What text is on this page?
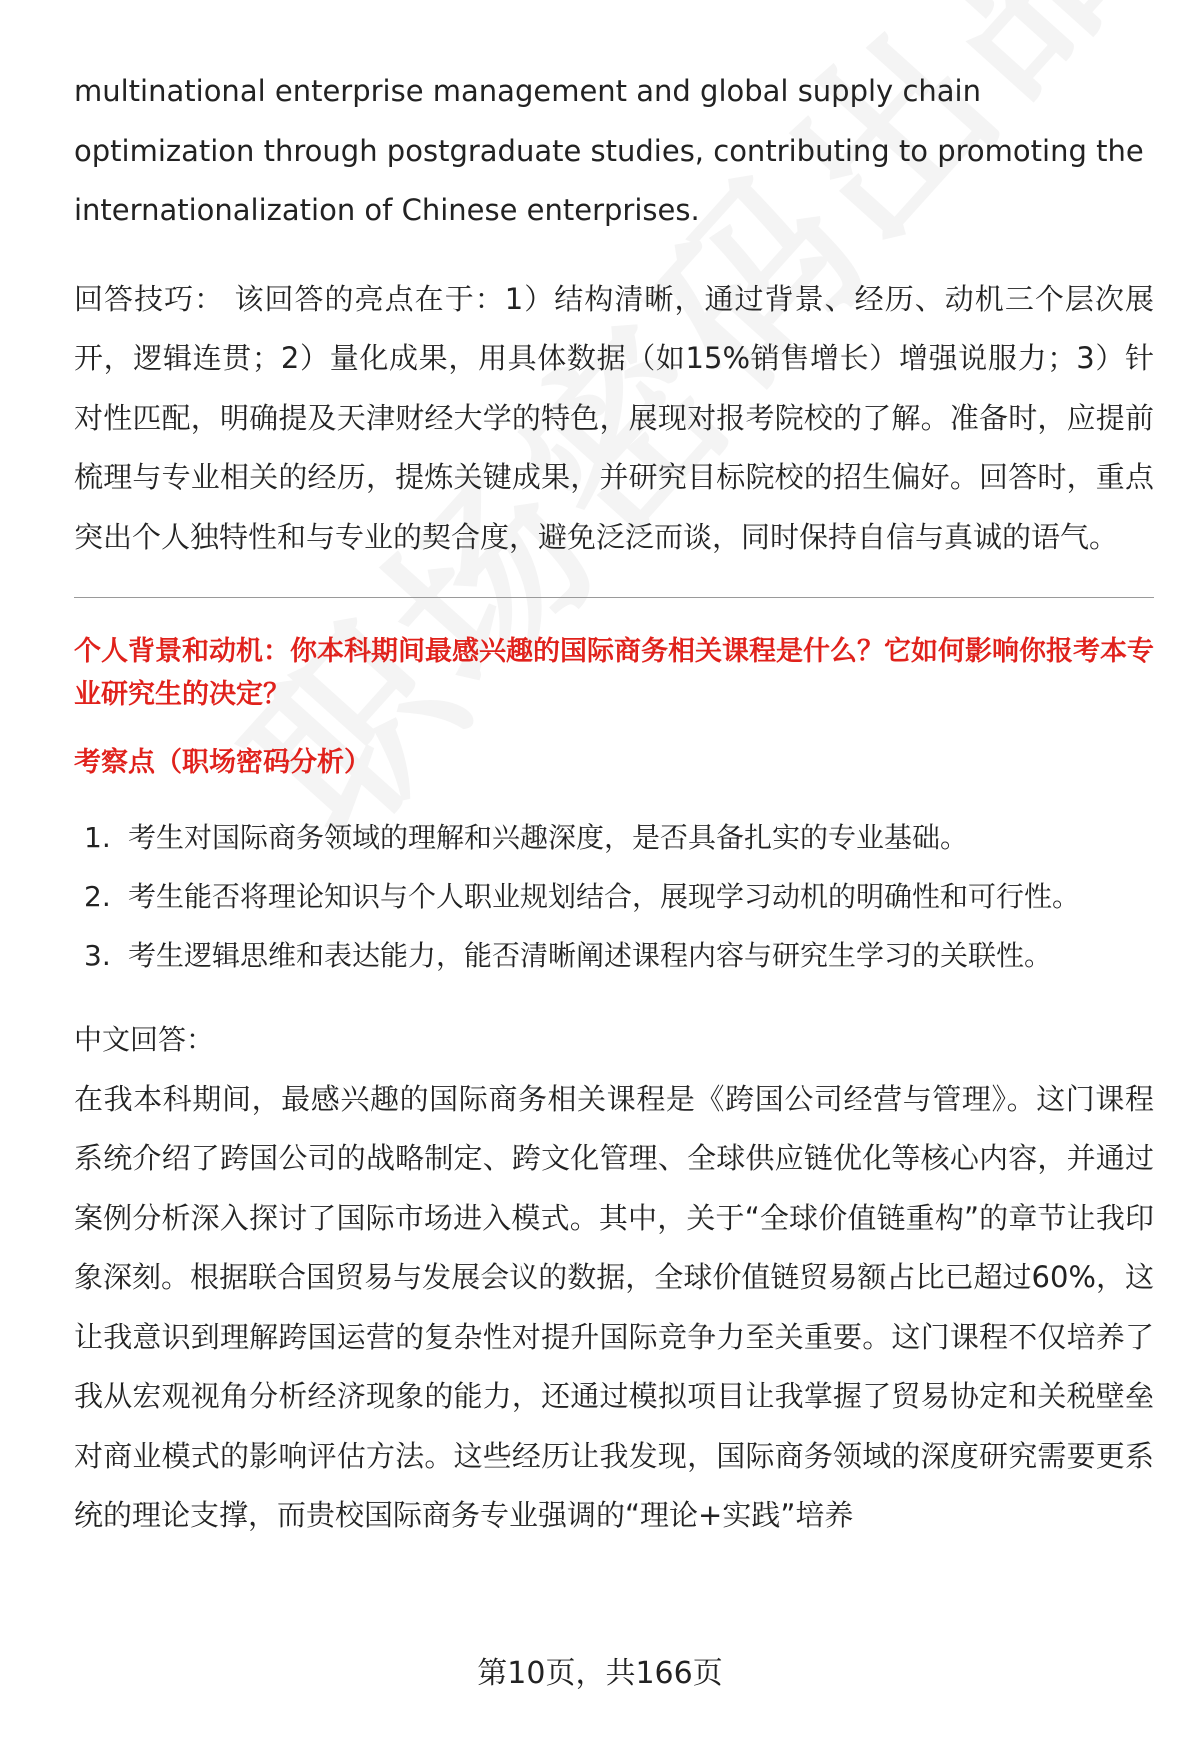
multinational enterprise management and global supply chain optimization through postgraduate studies, contributing to promoting the internationalization of Chinese enterprises.

回答技巧： 该回答的亮点在于：1）结构清晰，通过背景、经历、动机三个层次展开，逻辑连贯；2）量化成果，用具体数据（如15%销售增长）增强说服力；3）针对性匹配，明确提及天津财经大学的特色，展现对报考院校的了解。准备时，应提前梳理与专业相关的经历，提炼关键成果，并研究目标院校的招生偏好。回答时，重点突出个人独特性和与专业的契合度，避免泛泛而谈，同时保持自信与真诚的语气。

个人背景和动机：你本科期间最感兴趣的国际商务相关课程是什么？它如何影响你报考本专业研究生的决定？
考察点（职场密码分析）
1. 考生对国际商务领域的理解和兴趣深度，是否具备扎实的专业基础。
2. 考生能否将理论知识与个人职业规划结合，展现学习动机的明确性和可行性。
3. 考生逻辑思维和表达能力，能否清晰阐述课程内容与研究生学习的关联性。
中文回答：

在我本科期间，最感兴趣的国际商务相关课程是《跨国公司经营与管理》。这门课程系统介绍了跨国公司的战略制定、跨文化管理、全球供应链优化等核心内容，并通过案例分析深入探讨了国际市场进入模式。其中，关于“全球价值链重构”的章节让我印象深刻。根据联合国贸易与发展会议的数据，全球价值链贸易额占比已超过60%，这让我意识到理解跨国运营的复杂性对提升国际竞争力至关重要。这门课程不仅培养了我从宏观视角分析经济现象的能力，还通过模拟项目让我掌握了贸易协定和关税壁垒对商业模式的影响评估方法。这些经历让我发现，国际商务领域的深度研究需要更系统的理论支撑，而贵校国际商务专业强调的“理论+实践”培养

第10页，共166页
